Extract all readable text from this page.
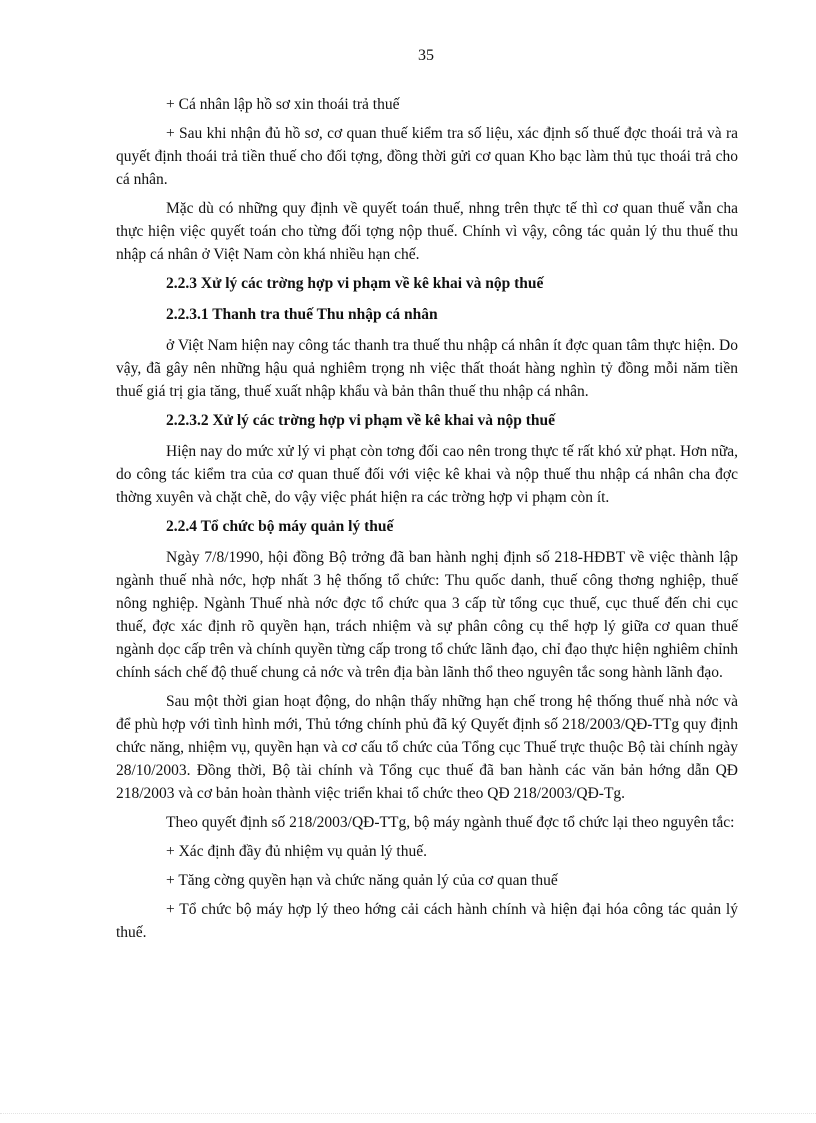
35

+ Cá nhân lập hồ sơ xin thoái trả thuế

+ Sau khi nhận đủ hồ sơ, cơ quan thuế kiểm tra số liệu, xác định số thuế đợc thoái trả và ra quyết định thoái trả tiền thuế cho đối tợng, đồng thời gửi cơ quan Kho bạc làm thủ tục thoái trả cho cá nhân.

Mặc dù có những quy định về quyết toán thuế, nhng trên thực tế thì cơ quan thuế vẫn cha thực hiện việc quyết toán cho từng đối tợng nộp thuế. Chính vì vậy, công tác quản lý thu thuế thu nhập cá nhân ở Việt Nam còn khá nhiều hạn chế.

2.2.3 Xử lý các trờng hợp vi phạm về kê khai và nộp thuế
2.2.3.1 Thanh tra thuế Thu nhập cá nhân

ở Việt Nam hiện nay công tác thanh tra thuế thu nhập cá nhân ít đợc quan tâm thực hiện. Do vậy, đã gây nên những hậu quả nghiêm trọng nh việc thất thoát hàng nghìn tỷ đồng mỗi năm tiền thuế giá trị gia tăng, thuế xuất nhập khẩu và bản thân thuế thu nhập cá nhân.

2.2.3.2 Xử lý các trờng hợp vi phạm về kê khai và nộp thuế

Hiện nay do mức xử lý vi phạt còn tơng đối cao nên trong thực tế rất khó xử phạt. Hơn nữa, do công tác kiểm tra của cơ quan thuế đối với việc kê khai và nộp thuế thu nhập cá nhân cha đợc thờng xuyên và chặt chẽ, do vậy việc phát hiện ra các trờng hợp vi phạm còn ít.

2.2.4 Tổ chức bộ máy quản lý thuế

Ngày 7/8/1990, hội đồng Bộ trởng đã ban hành nghị định số 218-HĐBT về việc thành lập ngành thuế nhà nớc, hợp nhất 3 hệ thống tổ chức: Thu quốc danh, thuế công thơng nghiệp, thuế nông nghiệp. Ngành Thuế nhà nớc đợc tổ chức qua 3 cấp từ tổng cục thuế, cục thuế đến chi cục thuế, đợc xác định rõ quyền hạn, trách nhiệm và sự phân công cụ thể hợp lý giữa cơ quan thuế ngành dọc cấp trên và chính quyền từng cấp trong tổ chức lãnh đạo, chỉ đạo thực hiện nghiêm chỉnh chính sách chế độ thuế chung cả nớc và trên địa bàn lãnh thổ theo nguyên tắc song hành lãnh đạo.

Sau một thời gian hoạt động, do nhận thấy những hạn chế trong hệ thống thuế nhà nớc và để phù hợp với tình hình mới, Thủ tớng chính phủ đã ký Quyết định số 218/2003/QĐ-TTg quy định chức năng, nhiệm vụ, quyền hạn và cơ cấu tổ chức của Tổng cục Thuế trực thuộc Bộ tài chính ngày 28/10/2003. Đồng thời, Bộ tài chính và Tổng cục thuế đã ban hành các văn bản hớng dẫn QĐ 218/2003 và cơ bản hoàn thành việc triển khai tổ chức theo QĐ 218/2003/QĐ-Tg.

Theo quyết định số 218/2003/QĐ-TTg, bộ máy ngành thuế đợc tổ chức lại theo nguyên tắc:

+ Xác định đầy đủ nhiệm vụ quản lý thuế.

+ Tăng cờng quyền hạn và chức năng quản lý của cơ quan thuế

+ Tổ chức bộ máy hợp lý theo hớng cải cách hành chính và hiện đại hóa công tác quản lý thuế.
